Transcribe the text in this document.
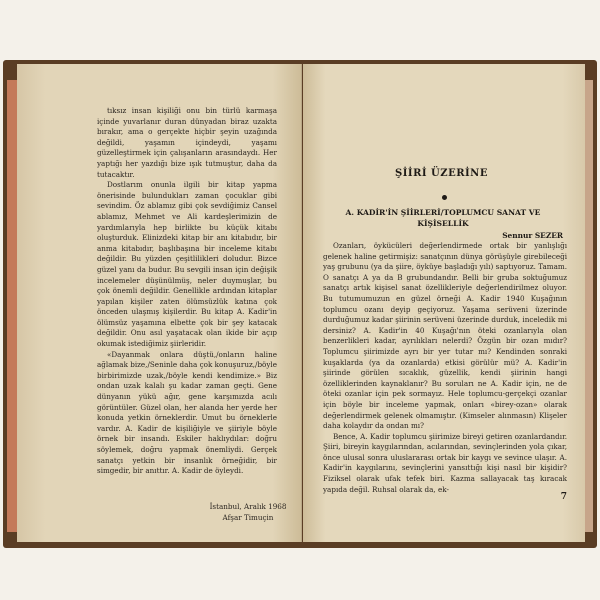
tıksız insan kişiliği onu bin türlü karmaşa içinde yuvarlanır duran dünyadan biraz uzakta bırakır, ama o gerçekte hiçbir şeyin uzağında değildi, yaşamın içindeydi, yaşamı güzelleştirmek için çalışanların arasındaydı. Her yaptığı her yazdığı bize ışık tutmuştur, daha da tutacaktır.

Dostlarım onunla ilgili bir kitap yapma önerisinde bulundukları zaman çocuklar gibi sevindim. Öz ablamız gibi çok sevdiğimiz Cansel ablamız, Mehmet ve Ali kardeşlerimizin de yardımlarıyla hep birlikte bu küçük kitabı oluşturduk. Elinizdeki kitap bir anı kitabıdır, bir anma kitabıdır, başlıbaşına bir inceleme kitabı değildir. Bu yüzden çeşitlilikleri doludur. Bizce güzel yanı da budur. Bu sevgili insan için değişik incelemeler düşünülmüş, neler duymuşlar, bu çok önemli değildir. Genellikle ardından kitaplar yapılan kişiler zaten ölümsüzlük katına çok önceden ulaşmış kişilerdir. Bu kitap A. Kadir'in ölümsüz yaşamına elbette çok bir şey katacak değildir. Onu asıl yaşatacak olan ikide bir açıp okumak istediğimiz şiirleridir.

«Dayanmak onlara düştü,/onların haline ağlamak bize,/Seninle daha çok konuşuruz,/böyle birbirimizde uzak,/böyle kendi kendimize.» Biz ondan uzak kalalı şu kadar zaman geçti. Gene dünyanın yükü ağır, gene karşımızda acılı görüntüler. Güzel olan, her alanda her yerde her konuda yetkin örneklerdir. Umut bu örneklerle vardır. A. Kadir de kişiliğiyle ve şiiriyle böyle örnek bir insandı. Eskiler haklıydılar: doğru söylemek, doğru yapmak önemliydi. Gerçek sanatçı yetkin bir insanlık örneğidir, bir simgedir, bir anıttır. A. Kadir de öyleydi.

İstanbul, Aralık 1968
Afşar Timuçin
ŞİİRİ ÜZERİNE
A. KADİR'İN ŞİİRLERİ/TOPLUMCU SANAT VE KİŞİSELLİK
Sennur SEZER

Ozanları, öykücüleri değerlendirmede ortak bir yanlışlığı gelenek haline getirmişiz: sanatçının dünya görüşüyle girebileceği yaş grubunu (ya da şiire, öyküye başladığı yılı) saptıyoruz. Tamam. O sanatçı A ya da B grubundandır. Belli bir gruba soktuğumuz sanatçı artık kişisel sanat özellikleriyle değerlendirilmez oluyor. Bu tutumumuzun en güzel örneği A. Kadir 1940 Kuşağının toplumcu ozanı deyip geçiyoruz. Yaşama serüveni üzerinde durduğumuz kadar şiirinin serüveni üzerinde durduk, inceledik mi dersiniz? A. Kadir'in 40 Kuşağı'nın öteki ozanlarıyla olan benzerlikleri kadar, ayrılıkları nelerdi? Özgün bir ozan mıdır? Toplumcu şiirimizde ayrı bir yer tutar mı? Kendinden sonraki kuşaklarda (ya da ozanlarda) etkisi görülür mü? A. Kadir'in şiirinde görülen sıcaklık, güzellik, kendi şiirinin hangi özelliklerinden kaynaklanır? Bu soruları ne A. Kadir için, ne de öteki ozanlar için pek sormayız. Hele toplumcu-gerçekçi ozanlar için böyle bir inceleme yapmak, onları «birey-ozan» olarak değerlendirmek gelenek olmamıştır. (Kimseler alınmasın) Klişeler daha kolaydır da ondan mı?

Bence, A. Kadir toplumcu şiirimize bireyi getiren ozanlardandır. Şiiri, bireyin kaygılarından, acılarından, sevinçlerinden yola çıkar, önce ulusal sonra uluslararası ortak bir kaygı ve sevince ulaşır. A. Kadir'in kaygılarını, sevinçlerini yansıttığı kişi nasıl bir kişidir? Fiziksel olarak ufak tefek biri. Kazma sallayacak taş kıracak yapıda değil. Ruhsal olarak da, ek-

7
